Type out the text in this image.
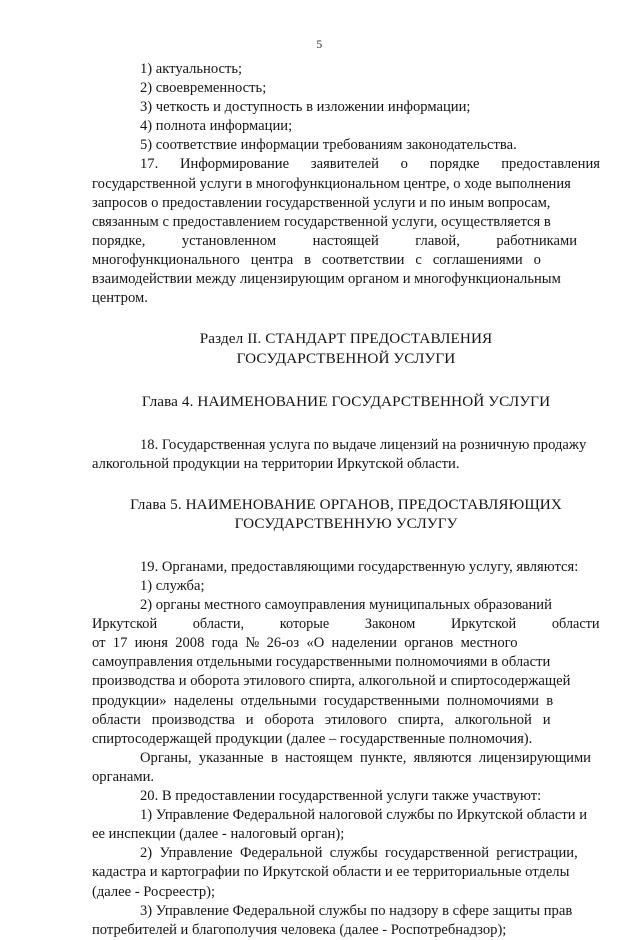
5
1) актуальность;
2) своевременность;
3) четкость и доступность в изложении информации;
4) полнота информации;
5) соответствие информации требованиям законодательства.
17.   Информирование   заявителей   о   порядке   предоставления
государственной услуги в многофункциональном центре, о ходе выполнения
запросов о предоставлении государственной услуги и по иным вопросам,
связанным с предоставлением государственной услуги, осуществляется в
порядке,          установленном          настоящей          главой,          работниками
многофункционального   центра   в   соответствии   с   соглашениями   о
взаимодействии между лицензирующим органом и многофункциональным
центром.
Раздел II. СТАНДАРТ ПРЕДОСТАВЛЕНИЯ
ГОСУДАРСТВЕННОЙ УСЛУГИ
Глава 4. НАИМЕНОВАНИЕ ГОСУДАРСТВЕННОЙ УСЛУГИ
18. Государственная услуга по выдаче лицензий на розничную продажу
алкогольной продукции на территории Иркутской области.
Глава 5. НАИМЕНОВАНИЕ ОРГАНОВ, ПРЕДОСТАВЛЯЮЩИХ
ГОСУДАРСТВЕННУЮ УСЛУГУ
19. Органами, предоставляющими государственную услугу, являются:
1) служба;
2) органы местного самоуправления муниципальных образований
Иркутской          области,          которые          Законом          Иркутской          области
от  17  июня  2008  года  №  26-оз  «О  наделении  органов  местного
самоуправления отдельными государственными полномочиями в области
производства и оборота этилового спирта, алкогольной и спиртосодержащей
продукции»  наделены  отдельными  государственными  полномочиями  в
области   производства   и   оборота   этилового   спирта,   алкогольной   и
спиртосодержащей продукции (далее – государственные полномочия).
Органы,  указанные  в  настоящем  пункте,  являются  лицензирующими
органами.
20. В предоставлении государственной услуги также участвуют:
1) Управление Федеральной налоговой службы по Иркутской области и
ее инспекции (далее - налоговый орган);
2)  Управление  Федеральной  службы  государственной  регистрации,
кадастра и картографии по Иркутской области и ее территориальные отделы
(далее - Росреестр);
3) Управление Федеральной службы по надзору в сфере защиты прав
потребителей и благополучия человека (далее - Роспотребнадзор);
